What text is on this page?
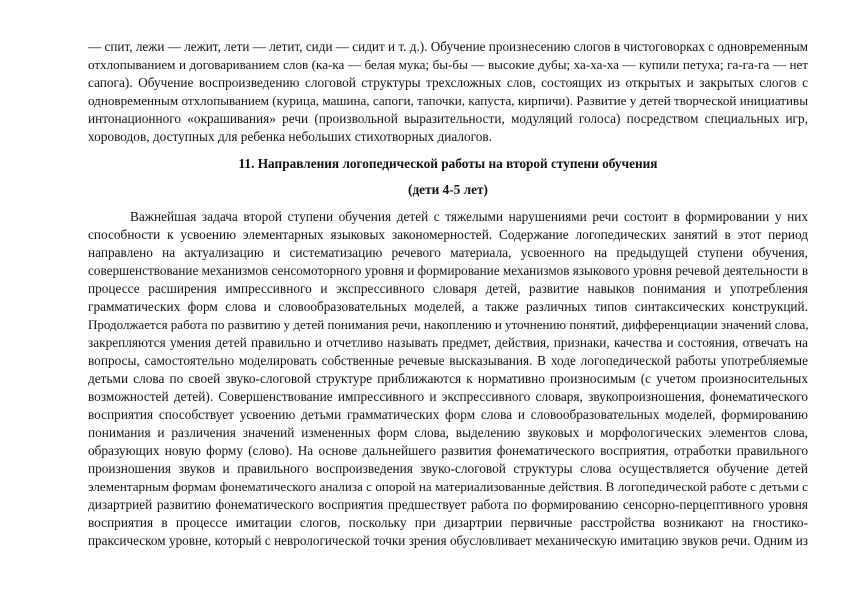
— спит, лежи — лежит, лети — летит, сиди — сидит и т. д.). Обучение произнесению слогов в чистоговорках с одновременным
отхлопыванием и договариванием слов (ка-ка — белая мука; бы-бы — высокие дубы; ха-ха-ха — купили петуха; га-га-га — нет
сапога). Обучение воспроизведению слоговой структуры трехсложных слов, состоящих из открытых и закрытых слогов с
одновременным отхлопыванием (курица, машина, сапоги, тапочки, капуста, кирпичи). Развитие у детей творческой инициативы
интонационного «окрашивания» речи (произвольной выразительности, модуляций голоса) посредством специальных игр,
хороводов, доступных для ребенка небольших стихотворных диалогов.
11. Направления логопедической работы на второй ступени обучения
(дети 4-5 лет)
Важнейшая задача второй ступени обучения детей с тяжелыми нарушениями речи состоит в формировании у них
способности к усвоению элементарных языковых закономерностей. Содержание логопедических занятий в этот период
направлено на актуализацию и систематизацию речевого материала, усвоенного на предыдущей ступени обучения,
совершенствование механизмов сенсомоторного уровня и формирование механизмов языкового уровня речевой деятельности в
процессе расширения импрессивного и экспрессивного словаря детей, развитие навыков понимания и употребления
грамматических форм слова и словообразовательных моделей, а также различных типов синтаксических конструкций.
Продолжается работа по развитию у детей понимания речи, накоплению и уточнению понятий, дифференциации значений слова,
закрепляются умения детей правильно и отчетливо называть предмет, действия, признаки, качества и состояния, отвечать на
вопросы, самостоятельно моделировать собственные речевые высказывания. В ходе логопедической работы употребляемые
детьми слова по своей звуко-слоговой структуре приближаются к нормативно произносимым (с учетом произносительных
возможностей детей). Совершенствование импрессивного и экспрессивного словаря, звукопроизношения, фонематического
восприятия способствует усвоению детьми грамматических форм слова и словообразовательных моделей, формированию
понимания и различения значений измененных форм слова, выделению звуковых и морфологических элементов слова,
образующих новую форму (слово). На основе дальнейшего развития фонематического восприятия, отработки правильного
произношения звуков и правильного воспроизведения звуко-слоговой структуры слова осуществляется обучение детей
элементарным формам фонематического анализа с опорой на материализованные действия. В логопедической работе с детьми с
дизартрией развитию фонематического восприятия предшествует работа по формированию сенсорно-перцептивного уровня
восприятия в процессе имитации слогов, поскольку при дизартрии первичные расстройства возникают на гностико-
праксическом уровне, который с неврологической точки зрения обусловливает механическую имитацию звуков речи. Одним из
